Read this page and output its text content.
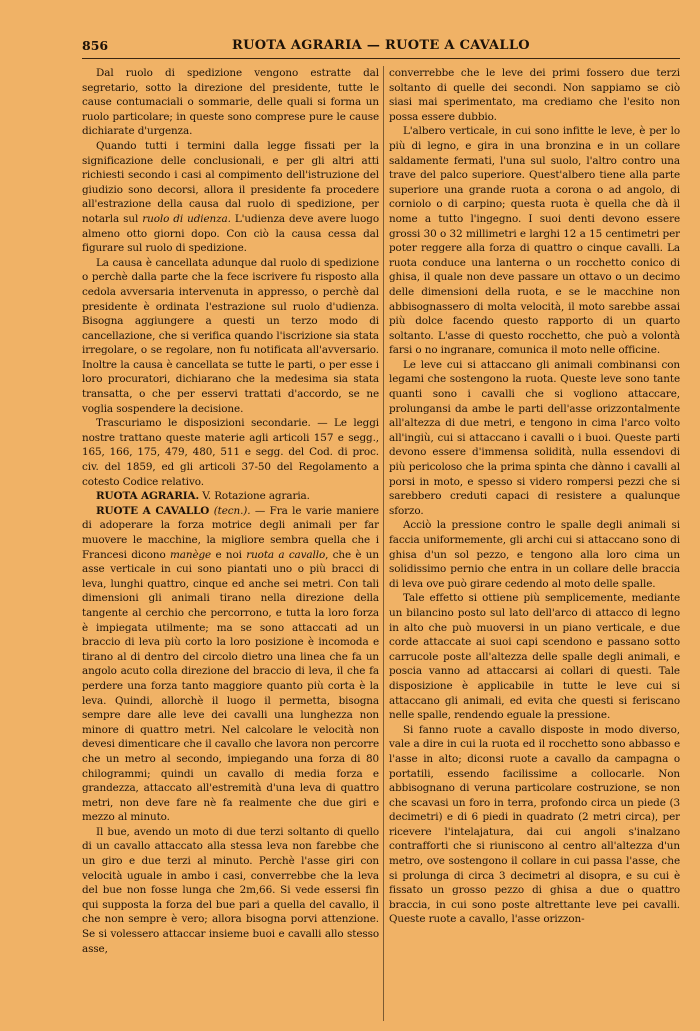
856	RUOTA AGRARIA — RUOTE A CAVALLO

Dal ruolo di spedizione vengono estratte dal segretario, sotto la direzione del presidente, tutte le cause contumaciali o sommarie, delle quali si forma un ruolo particolare; in queste sono comprese pure le cause dichiarate d'urgenza.

Quando tutti i termini dalla legge fissati per la significazione delle conclusionali, e per gli altri atti richiesti secondo i casi al compimento dell'istruzione del giudizio sono decorsi, allora il presidente fa procedere all'estrazione della causa dal ruolo di spedizione, per notarla sul ruolo di udienza. L'udienza deve avere luogo almeno otto giorni dopo. Con ciò la causa cessa dal figurare sul ruolo di spedizione.

La causa è cancellata adunque dal ruolo di spedizione o perchè dalla parte che la fece iscrivere fu risposto alla cedola avversaria intervenuta in appresso, o perchè dal presidente è ordinata l'estrazione sul ruolo d'udienza. Bisogna aggiungere a questi un terzo modo di cancellazione, che si verifica quando l'iscrizione sia stata irregolare, o se regolare, non fu notificata all'avversario. Inoltre la causa è cancellata se tutte le parti, o per esse i loro procuratori, dichiarano che la medesima sia stata transatta, o che per esservi trattati d'accordo, se ne voglia sospendere la decisione.

Trascuriamo le disposizioni secondarie. — Le leggi nostre trattano queste materie agli articoli 157 e segg., 165, 166, 175, 479, 480, 511 e segg. del Cod. di proc. civ. del 1859, ed gli articoli 37-50 del Regolamento a cotesto Codice relativo.

RUOTA AGRARIA. V. Rotazione agraria.

RUOTE A CAVALLO (tecn.). — Fra le varie maniere di adoperare la forza motrice degli animali per far muovere le macchine, la migliore sembra quella che i Francesi dicono manège e noi ruota a cavallo, che è un asse verticale in cui sono piantati uno o più bracci di leva, lunghi quattro, cinque ed anche sei metri. Con tali dimensioni gli animali tirano nella direzione della tangente al cerchio che percorrono, e tutta la loro forza è impiegata utilmente; ma se sono attaccati ad un braccio di leva più corto la loro posizione è incomoda e tirano al di dentro del circolo dietro una linea che fa un angolo acuto colla direzione del braccio di leva, il che fa perdere una forza tanto maggiore quanto più corta è la leva. Quindi, allorchè il luogo il permetta, bisogna sempre dare alle leve dei cavalli una lunghezza non minore di quattro metri. Nel calcolare le velocità non devesi dimenticare che il cavallo che lavora non percorre che un metro al secondo, impiegando una forza di 80 chilogrammi; quindi un cavallo di media forza e grandezza, attaccato all'estremità d'una leva di quattro metri, non deve fare nè fa realmente che due giri e mezzo al minuto.

Il bue, avendo un moto di due terzi soltanto di quello di un cavallo attaccato alla stessa leva non farebbe che un giro e due terzi al minuto. Perchè l'asse giri con velocità uguale in ambo i casi, converrebbe che la leva del bue non fosse lunga che 2m,66. Si vede essersi fin qui supposta la forza del bue pari a quella del cavallo, il che non sempre è vero; allora bisogna porvi attenzione. Se si volessero attaccar insieme buoi e cavalli allo stesso asse,

converrebbe che le leve dei primi fossero due terzi soltanto di quelle dei secondi. Non sappiamo se ciò siasi mai sperimentato, ma crediamo che l'esito non possa essere dubbio.

L'albero verticale, in cui sono infitte le leve, è per lo più di legno, e gira in una bronzina e in un collare saldamente fermati, l'una sul suolo, l'altro contro una trave del palco superiore. Quest'albero tiene alla parte superiore una grande ruota a corona o ad angolo, di corniolo o di carpino; questa ruota è quella che dà il nome a tutto l'ingegno. I suoi denti devono essere grossi 30 o 32 millimetri e larghi 12 a 15 centimetri per poter reggere alla forza di quattro o cinque cavalli. La ruota conduce una lanterna o un rocchetto conico di ghisa, il quale non deve passare un ottavo o un decimo delle dimensioni della ruota, e se le macchine non abbisognassero di molta velocità, il moto sarebbe assai più dolce facendo questo rapporto di un quarto soltanto. L'asse di questo rocchetto, che può a volontà farsi o no ingranare, comunica il moto nelle officine.

Le leve cui si attaccano gli animali combinansi con legami che sostengono la ruota. Queste leve sono tante quanti sono i cavalli che si vogliono attaccare, prolungansi da ambe le parti dell'asse orizzontalmente all'altezza di due metri, e tengono in cima l'arco volto all'ingiù, cui si attaccano i cavalli o i buoi. Queste parti devono essere d'immensa solidità, nulla essendovi di più pericoloso che la prima spinta che dànno i cavalli al porsi in moto, e spesso si videro rompersi pezzi che si sarebbero creduti capaci di resistere a qualunque sforzo.

Acciò la pressione contro le spalle degli animali si faccia uniformemente, gli archi cui si attaccano sono di ghisa d'un sol pezzo, e tengono alla loro cima un solidissimo pernio che entra in un collare delle braccia di leva ove può girare cedendo al moto delle spalle.

Tale effetto si ottiene più semplicemente, mediante un bilancino posto sul lato dell'arco di attacco di legno in alto che può muoversi in un piano verticale, e due corde attaccate ai suoi capi scendono e passano sotto carrucole poste all'altezza delle spalle degli animali, e poscia vanno ad attaccarsi ai collari di questi. Tale disposizione è applicabile in tutte le leve cui si attaccano gli animali, ed evita che questi si feriscano nelle spalle, rendendo eguale la pressione.

Si fanno ruote a cavallo disposte in modo diverso, vale a dire in cui la ruota ed il rocchetto sono abbasso e l'asse in alto; diconsi ruote a cavallo da campagna o portatili, essendo facilissime a collocarle. Non abbisognano di veruna particolare costruzione, se non che scavasi un foro in terra, profondo circa un piede (3 decimetri) e di 6 piedi in quadrato (2 metri circa), per ricevere l'intelajatura, dai cui angoli s'inalzano contraffortі che si riuniscono al centro all'altezza d'un metro, ove sostengono il collare in cui passa l'asse, che si prolunga di circa 3 decimetri al disopra, e su cui è fissato un grosso pezzo di ghisa a due o quattro braccia, in cui sono poste altrettante leve pei cavalli. Queste ruote a cavallo, l'asse orizzon-
